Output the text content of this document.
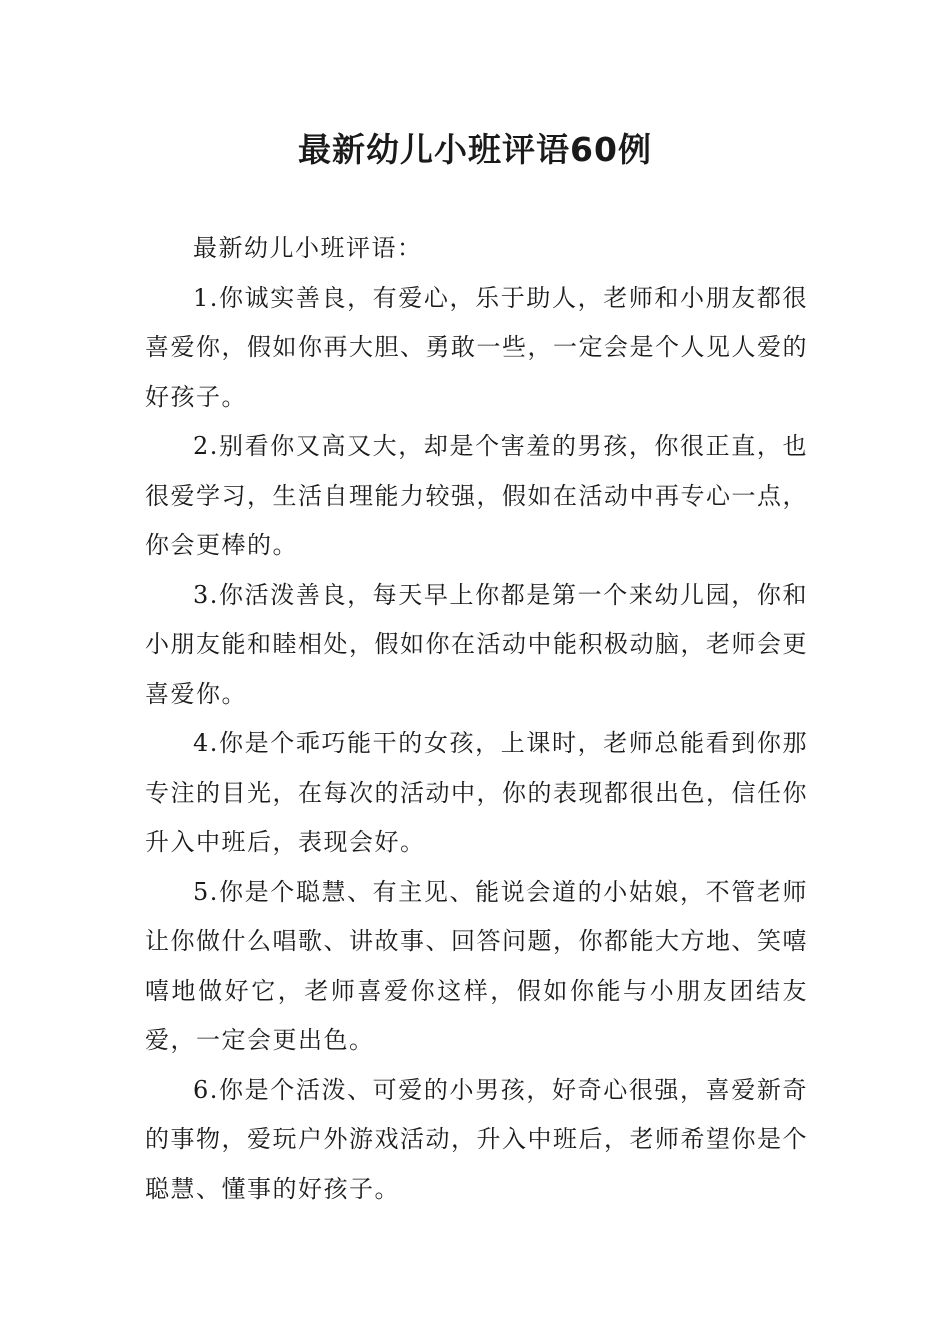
最新幼儿小班评语60例

最新幼儿小班评语：

1.你诚实善良，有爱心，乐于助人，老师和小朋友都很喜爱你，假如你再大胆、勇敢一些，一定会是个人见人爱的好孩子。

2.别看你又高又大，却是个害羞的男孩，你很正直，也很爱学习，生活自理能力较强，假如在活动中再专心一点，你会更棒的。

3.你活泼善良，每天早上你都是第一个来幼儿园，你和小朋友能和睦相处，假如你在活动中能积极动脑，老师会更喜爱你。

4.你是个乖巧能干的女孩，上课时，老师总能看到你那专注的目光，在每次的活动中，你的表现都很出色，信任你升入中班后，表现会好。

5.你是个聪慧、有主见、能说会道的小姑娘，不管老师让你做什么唱歌、讲故事、回答问题，你都能大方地、笑嘻嘻地做好它，老师喜爱你这样，假如你能与小朋友团结友爱，一定会更出色。

6.你是个活泼、可爱的小男孩，好奇心很强，喜爱新奇的事物，爱玩户外游戏活动，升入中班后，老师希望你是个聪慧、懂事的好孩子。
